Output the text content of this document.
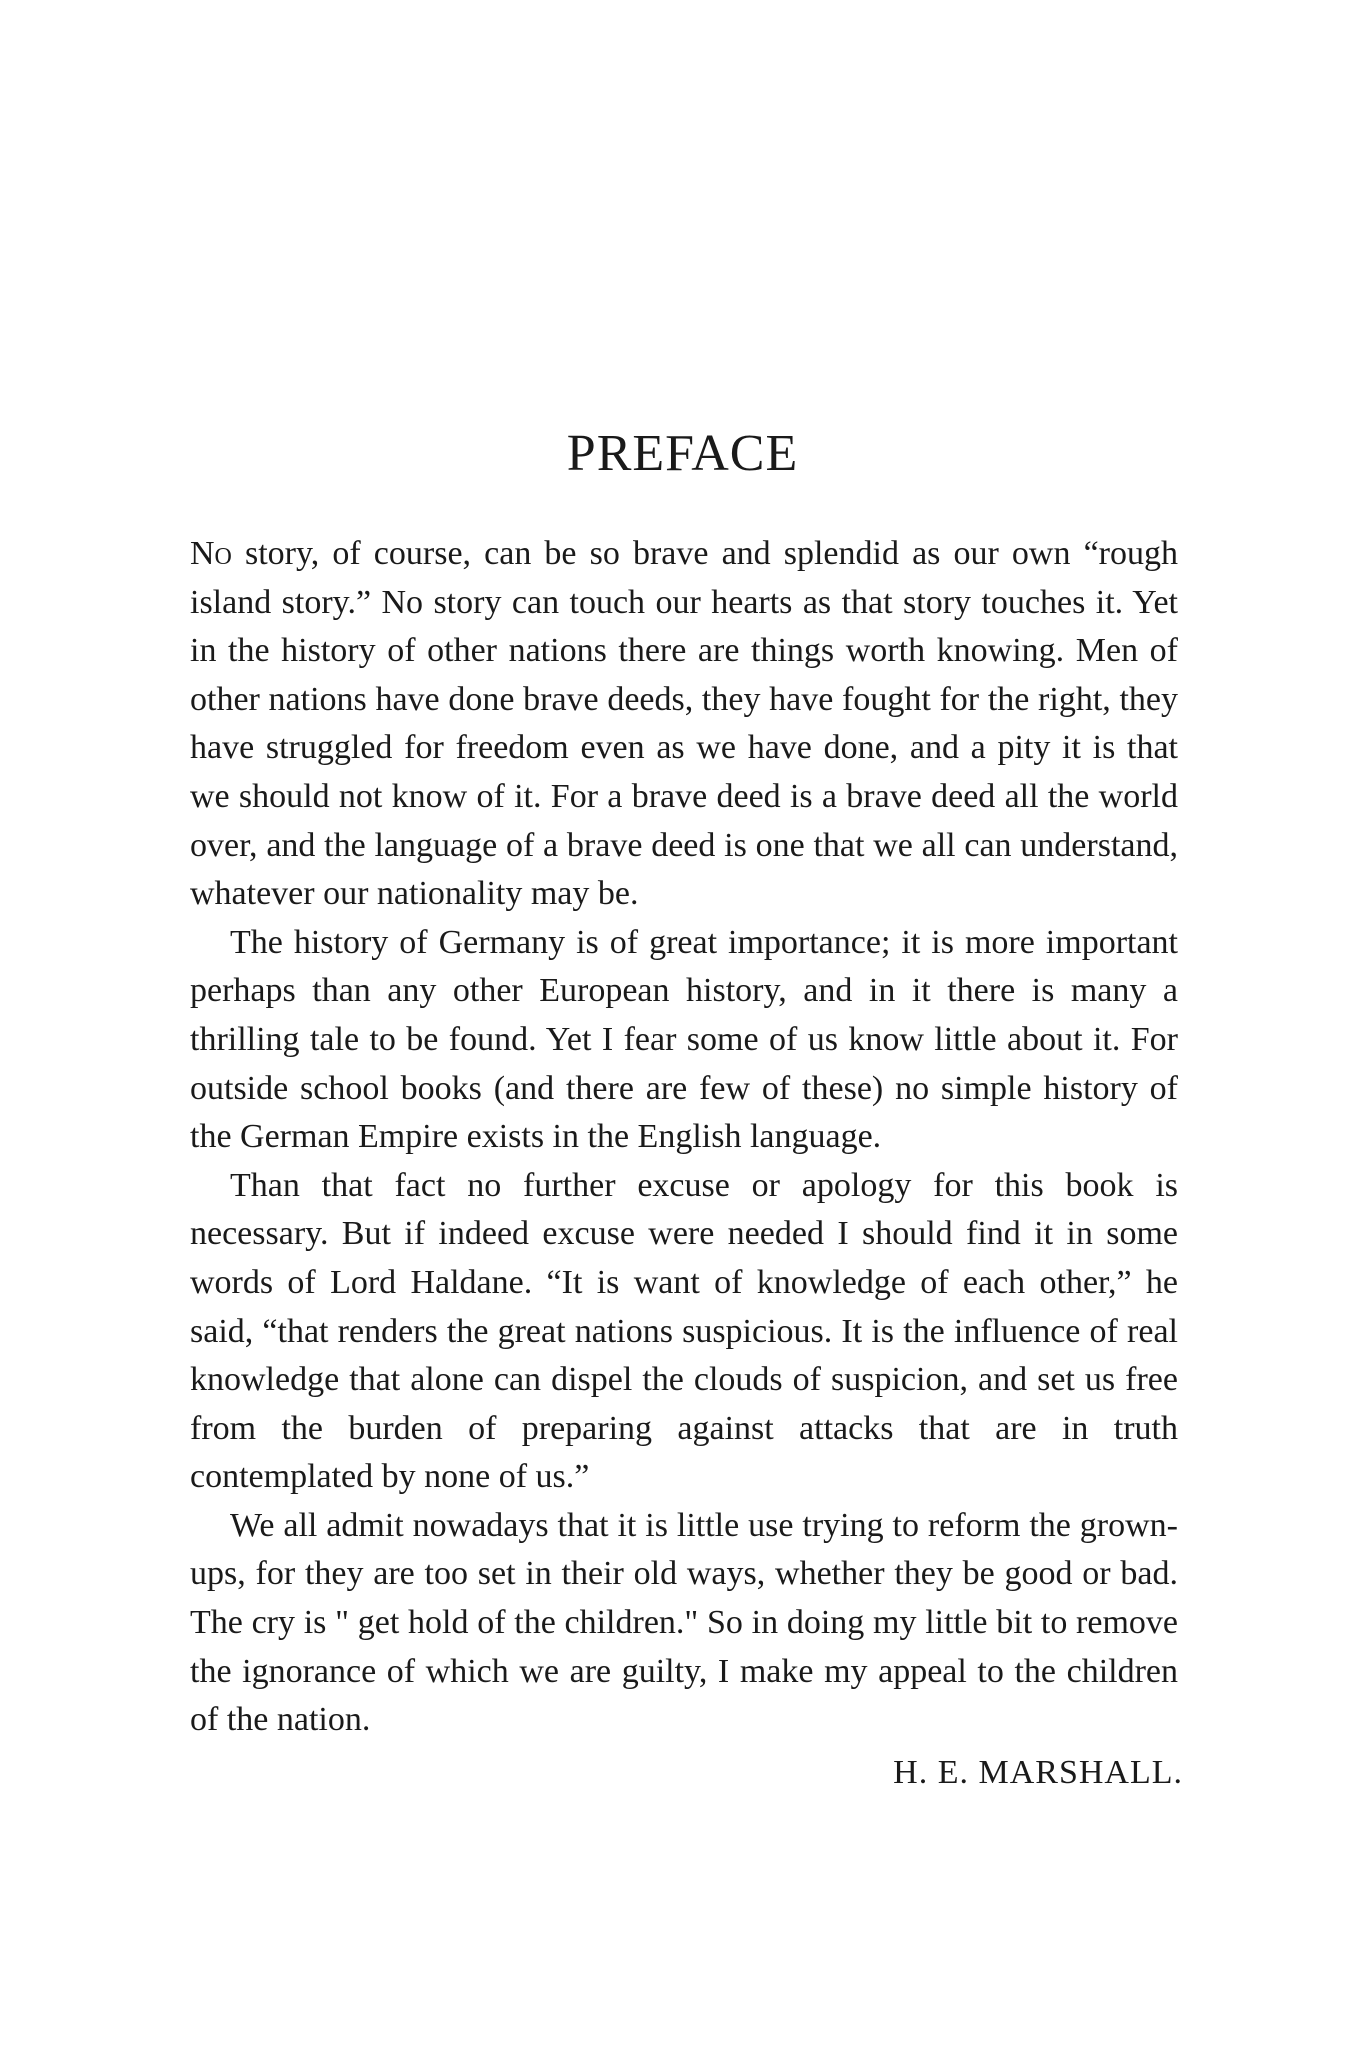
PREFACE

No story, of course, can be so brave and splendid as our own “rough island story.” No story can touch our hearts as that story touches it. Yet in the history of other nations there are things worth knowing. Men of other nations have done brave deeds, they have fought for the right, they have struggled for freedom even as we have done, and a pity it is that we should not know of it. For a brave deed is a brave deed all the world over, and the language of a brave deed is one that we all can understand, whatever our nationality may be.

The history of Germany is of great importance; it is more important perhaps than any other European history, and in it there is many a thrilling tale to be found. Yet I fear some of us know little about it. For outside school books (and there are few of these) no simple history of the German Empire exists in the English language.

Than that fact no further excuse or apology for this book is necessary. But if indeed excuse were needed I should find it in some words of Lord Haldane. “It is want of knowledge of each other,” he said, “that renders the great nations suspicious. It is the influence of real knowledge that alone can dispel the clouds of suspicion, and set us free from the burden of preparing against attacks that are in truth contemplated by none of us.”

We all admit nowadays that it is little use trying to reform the grown-ups, for they are too set in their old ways, whether they be good or bad. The cry is " get hold of the children." So in doing my little bit to remove the ignorance of which we are guilty, I make my appeal to the children of the nation.

H. E. MARSHALL.
